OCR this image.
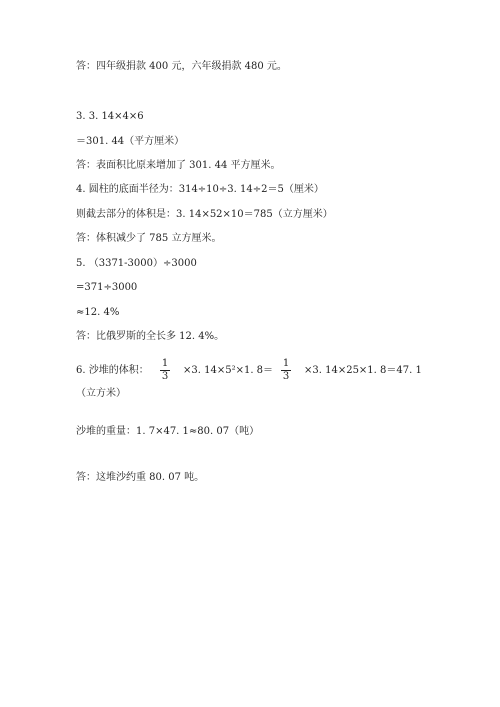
答：四年级捐款 400 元，六年级捐款 480 元。
3. 3. 14×4×6
＝301. 44（平方厘米）
答：表面积比原来增加了 301. 44 平方厘米。
4. 圆柱的底面半径为：314÷10÷3. 14÷2＝5（厘米）
则截去部分的体积是：3. 14×52×10＝785（立方厘米）
答：体积减少了 785 立方厘米。
5. （3371-3000）÷3000
=371÷3000
≈12. 4%
答：比俄罗斯的全长多 12. 4%。
6. 沙堆的体积：
1
3
×3. 14×5²×1. 8＝
1
3
×3. 14×25×1. 8＝47. 1
（立方米）
沙堆的重量：1. 7×47. 1≈80. 07（吨）
答：这堆沙约重 80. 07 吨。
